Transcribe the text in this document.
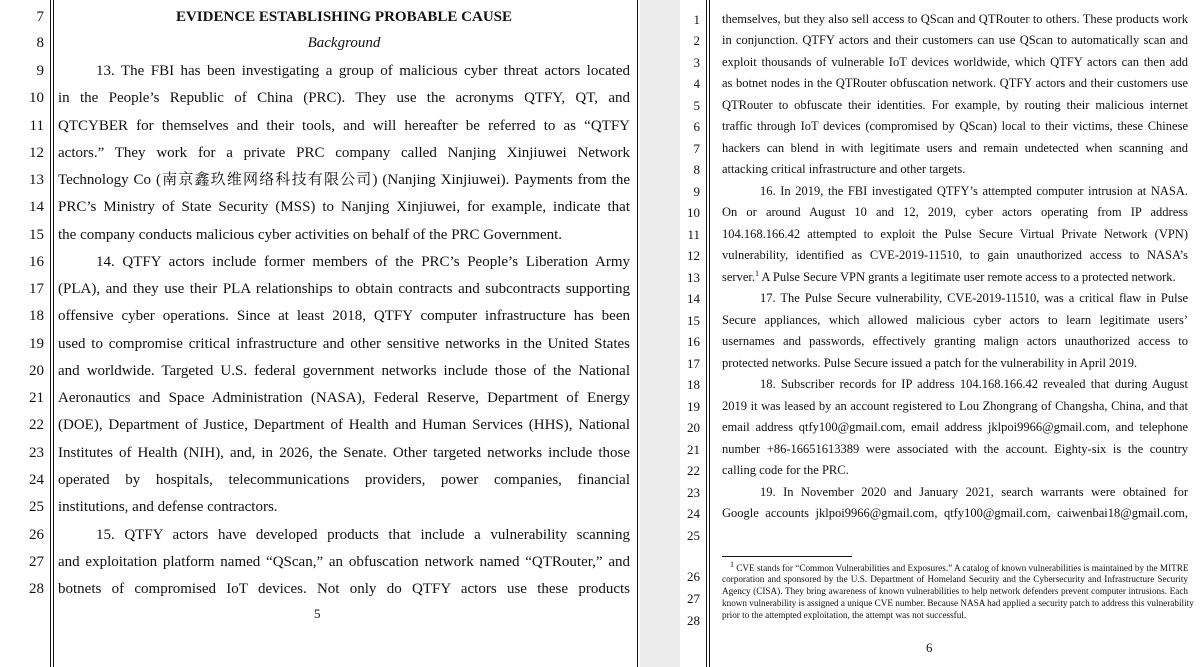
7
8
9
10
11
12
13
14
15
16
17
18
19
20
21
22
23
24
25
26
27
28
EVIDENCE ESTABLISHING PROBABLE CAUSE
Background
13. The FBI has been investigating a group of malicious cyber threat actors located
in the People’s Republic of China (PRC). They use the acronyms QTFY, QT, and
QTCYBER for themselves and their tools, and will hereafter be referred to as “QTFY
actors.” They work for a private PRC company called Nanjing Xinjiuwei Network
Technology Co (南京鑫玖维网络科技有限公司) (Nanjing Xinjiuwei). Payments from the
PRC’s Ministry of State Security (MSS) to Nanjing Xinjiuwei, for example, indicate that
the company conducts malicious cyber activities on behalf of the PRC Government.
14. QTFY actors include former members of the PRC’s People’s Liberation Army
(PLA), and they use their PLA relationships to obtain contracts and subcontracts supporting
offensive cyber operations. Since at least 2018, QTFY computer infrastructure has been
used to compromise critical infrastructure and other sensitive networks in the United States
and worldwide. Targeted U.S. federal government networks include those of the National
Aeronautics and Space Administration (NASA), Federal Reserve, Department of Energy
(DOE), Department of Justice, Department of Health and Human Services (HHS), National
Institutes of Health (NIH), and, in 2026, the Senate. Other targeted networks include those
operated by hospitals, telecommunications providers, power companies, financial
institutions, and defense contractors.
15. QTFY actors have developed products that include a vulnerability scanning
and exploitation platform named “QScan,” an obfuscation network named “QTRouter,” and
botnets of compromised IoT devices. Not only do QTFY actors use these products
5
1
2
3
4
5
6
7
8
9
10
11
12
13
14
15
16
17
18
19
20
21
22
23
24
25
26
27
28
themselves, but they also sell access to QScan and QTRouter to others. These products work
in conjunction. QTFY actors and their customers can use QScan to automatically scan and
exploit thousands of vulnerable IoT devices worldwide, which QTFY actors can then add
as botnet nodes in the QTRouter obfuscation network. QTFY actors and their customers use
QTRouter to obfuscate their identities. For example, by routing their malicious internet
traffic through IoT devices (compromised by QScan) local to their victims, these Chinese
hackers can blend in with legitimate users and remain undetected when scanning and
attacking critical infrastructure and other targets.
16. In 2019, the FBI investigated QTFY’s attempted computer intrusion at NASA.
On or around August 10 and 12, 2019, cyber actors operating from IP address
104.168.166.42 attempted to exploit the Pulse Secure Virtual Private Network (VPN)
vulnerability, identified as CVE-2019-11510, to gain unauthorized access to NASA’s
server.$^1$ A Pulse Secure VPN grants a legitimate user remote access to a protected network.
17. The Pulse Secure vulnerability, CVE-2019-11510, was a critical flaw in Pulse
Secure appliances, which allowed malicious cyber actors to learn legitimate users’
usernames and passwords, effectively granting malign actors unauthorized access to
protected networks. Pulse Secure issued a patch for the vulnerability in April 2019.
18. Subscriber records for IP address 104.168.166.42 revealed that during August
2019 it was leased by an account registered to Lou Zhongrang of Changsha, China, and that
email address qtfy100@gmail.com, email address jklpoi9966@gmail.com, and telephone
number +86-16651613389 were associated with the account. Eighty-six is the country
calling code for the PRC.
19. In November 2020 and January 2021, search warrants were obtained for
Google accounts jklpoi9966@gmail.com, qtfy100@gmail.com, caiwenbai18@gmail.com,
$^1$ CVE stands for “Common Vulnerabilities and Exposures.” A catalog of known vulnerabilities is maintained by the MITRE
corporation and sponsored by the U.S. Department of Homeland Security and the Cybersecurity and Infrastructure Security
Agency (CISA). They bring awareness of known vulnerabilities to help network defenders prevent computer intrusions. Each
known vulnerability is assigned a unique CVE number. Because NASA had applied a security patch to address this vulnerability
prior to the attempted exploitation, the attempt was not successful.
6
